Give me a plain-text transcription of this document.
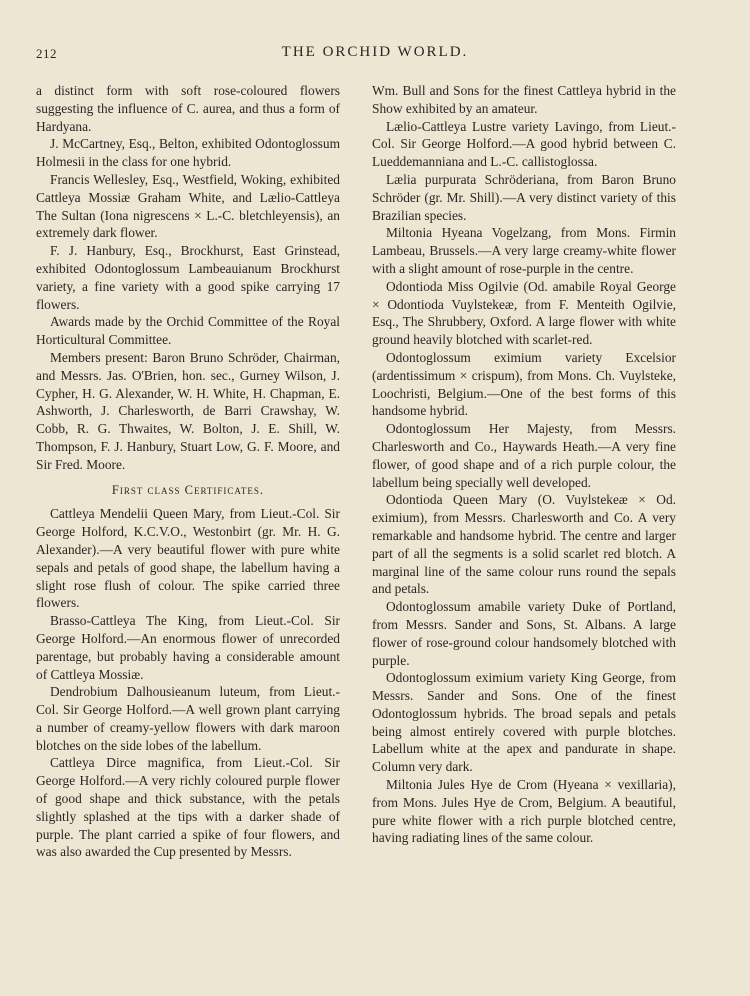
212	THE ORCHID WORLD.

a distinct form with soft rose-coloured flowers suggesting the influence of C. aurea, and thus a form of Hardyana.

J. McCartney, Esq., Belton, exhibited Odontoglossum Holmesii in the class for one hybrid.

Francis Wellesley, Esq., Westfield, Woking, exhibited Cattleya Mossiæ Graham White, and Lælio-Cattleya The Sultan (Iona nigrescens × L.-C. bletchleyensis), an extremely dark flower.

F. J. Hanbury, Esq., Brockhurst, East Grinstead, exhibited Odontoglossum Lambeauianum Brockhurst variety, a fine variety with a good spike carrying 17 flowers.

Awards made by the Orchid Committee of the Royal Horticultural Committee.

Members present: Baron Bruno Schröder, Chairman, and Messrs. Jas. O'Brien, hon. sec., Gurney Wilson, J. Cypher, H. G. Alexander, W. H. White, H. Chapman, E. Ashworth, J. Charlesworth, de Barri Crawshay, W. Cobb, R. G. Thwaites, W. Bolton, J. E. Shill, W. Thompson, F. J. Hanbury, Stuart Low, G. F. Moore, and Sir Fred. Moore.

First class Certificates.

Cattleya Mendelii Queen Mary, from Lieut.-Col. Sir George Holford, K.C.V.O., Westonbirt (gr. Mr. H. G. Alexander).—A very beautiful flower with pure white sepals and petals of good shape, the labellum having a slight rose flush of colour. The spike carried three flowers.

Brasso-Cattleya The King, from Lieut.-Col. Sir George Holford.—An enormous flower of unrecorded parentage, but probably having a considerable amount of Cattleya Mossiæ.

Dendrobium Dalhousieanum luteum, from Lieut.-Col. Sir George Holford.—A well grown plant carrying a number of creamy-yellow flowers with dark maroon blotches on the side lobes of the labellum.

Cattleya Dirce magnifica, from Lieut.-Col. Sir George Holford.—A very richly coloured purple flower of good shape and thick substance, with the petals slightly splashed at the tips with a darker shade of purple. The plant carried a spike of four flowers, and was also awarded the Cup presented by Messrs.

Wm. Bull and Sons for the finest Cattleya hybrid in the Show exhibited by an amateur.

Lælio-Cattleya Lustre variety Lavingo, from Lieut.-Col. Sir George Holford.—A good hybrid between C. Lueddemanniana and L.-C. callistoglossa.

Lælia purpurata Schröderiana, from Baron Bruno Schröder (gr. Mr. Shill).—A very distinct variety of this Brazilian species.

Miltonia Hyeana Vogelzang, from Mons. Firmin Lambeau, Brussels.—A very large creamy-white flower with a slight amount of rose-purple in the centre.

Odontioda Miss Ogilvie (Od. amabile Royal George × Odontioda Vuylstekeæ, from F. Menteith Ogilvie, Esq., The Shrubbery, Oxford. A large flower with white ground heavily blotched with scarlet-red.

Odontoglossum eximium variety Excelsior (ardentissimum × crispum), from Mons. Ch. Vuylsteke, Loochristi, Belgium.—One of the best forms of this handsome hybrid.

Odontoglossum Her Majesty, from Messrs. Charlesworth and Co., Haywards Heath.—A very fine flower, of good shape and of a rich purple colour, the labellum being specially well developed.

Odontioda Queen Mary (O. Vuylstekeæ × Od. eximium), from Messrs. Charlesworth and Co. A very remarkable and handsome hybrid. The centre and larger part of all the segments is a solid scarlet red blotch. A marginal line of the same colour runs round the sepals and petals.

Odontoglossum amabile variety Duke of Portland, from Messrs. Sander and Sons, St. Albans. A large flower of rose-ground colour handsomely blotched with purple.

Odontoglossum eximium variety King George, from Messrs. Sander and Sons. One of the finest Odontoglossum hybrids. The broad sepals and petals being almost entirely covered with purple blotches. Labellum white at the apex and pandurate in shape. Column very dark.

Miltonia Jules Hye de Crom (Hyeana × vexillaria), from Mons. Jules Hye de Crom, Belgium. A beautiful, pure white flower with a rich purple blotched centre, having radiating lines of the same colour.
